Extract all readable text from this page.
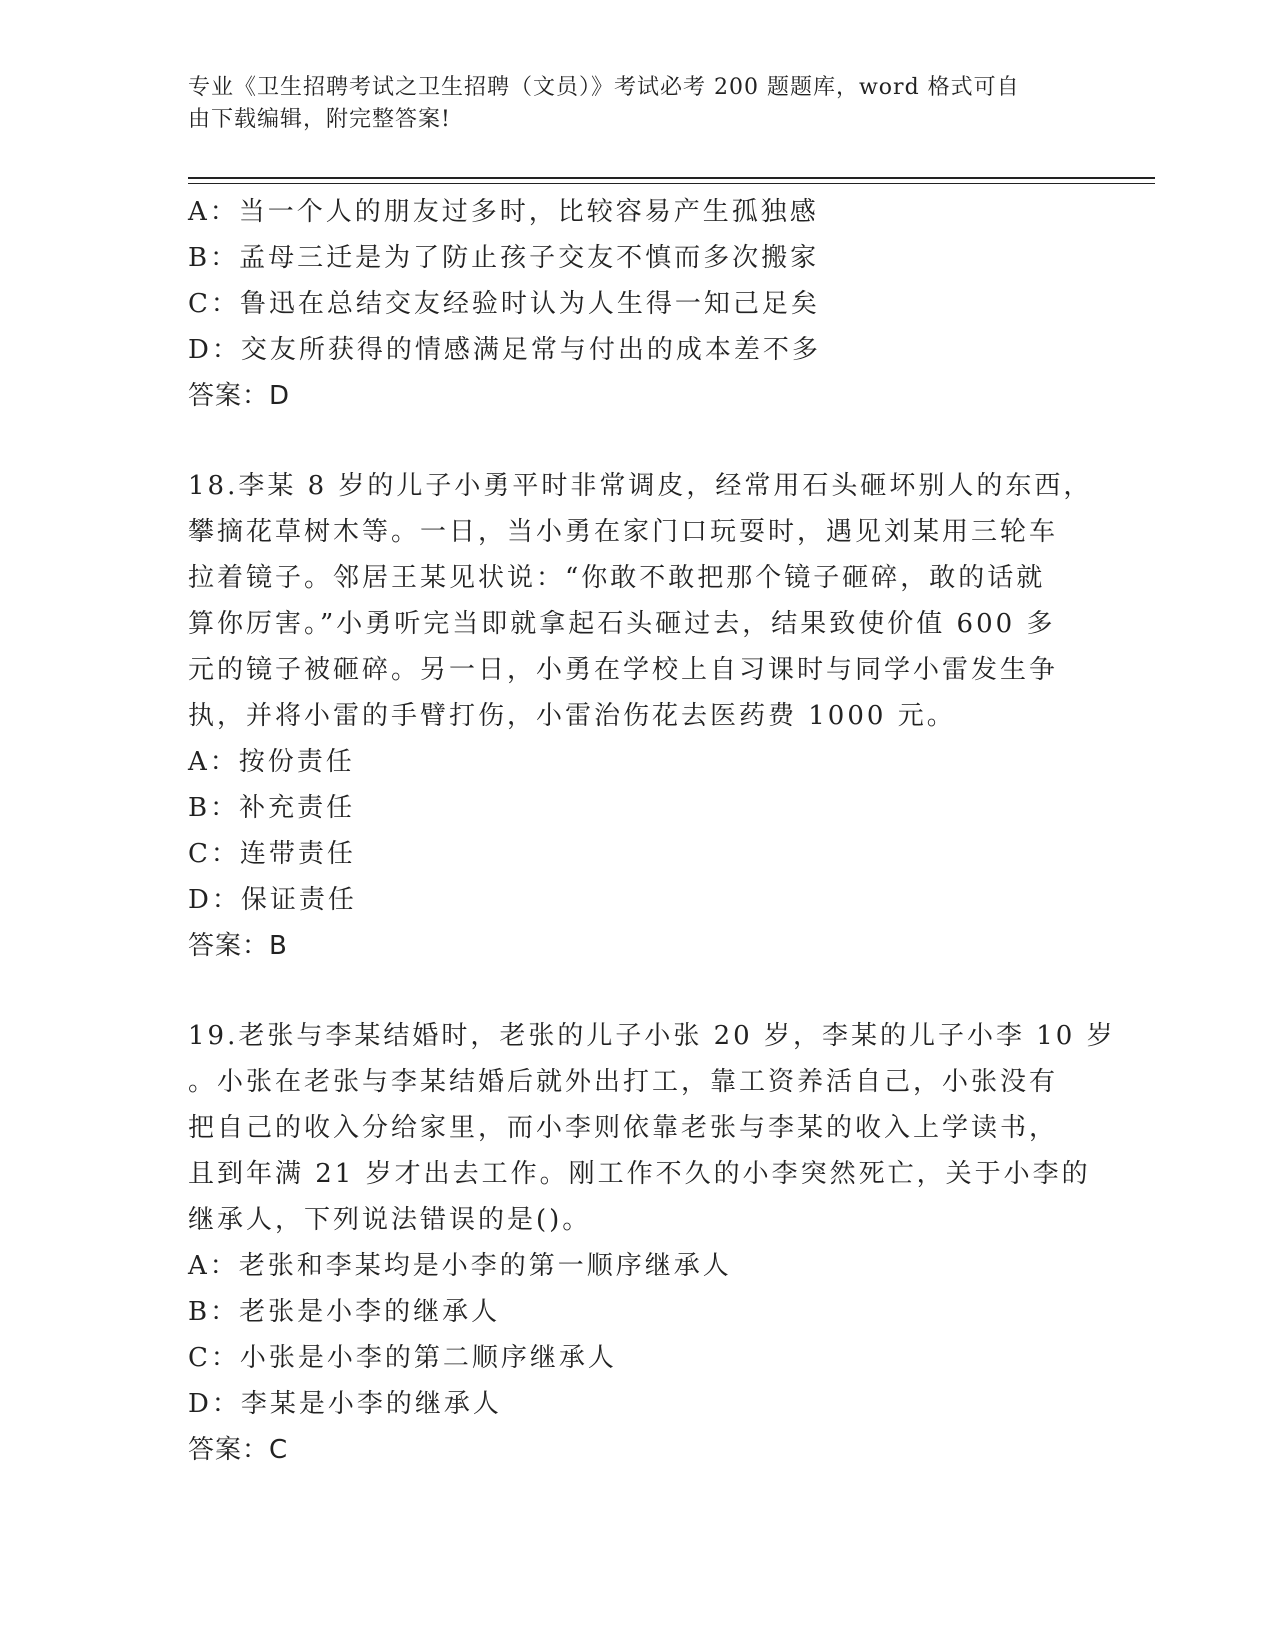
专业《卫生招聘考试之卫生招聘（文员）》考试必考 200 题题库，word 格式可自
由下载编辑，附完整答案!
A：当一个人的朋友过多时，比较容易产生孤独感
B：孟母三迁是为了防止孩子交友不慎而多次搬家
C：鲁迅在总结交友经验时认为人生得一知己足矣
D：交友所获得的情感满足常与付出的成本差不多
答案：D
18.李某 8 岁的儿子小勇平时非常调皮，经常用石头砸坏别人的东西，
攀摘花草树木等。一日，当小勇在家门口玩耍时，遇见刘某用三轮车
拉着镜子。邻居王某见状说：“你敢不敢把那个镜子砸碎，敢的话就
算你厉害。”小勇听完当即就拿起石头砸过去，结果致使价值 600 多
元的镜子被砸碎。另一日，小勇在学校上自习课时与同学小雷发生争
执，并将小雷的手臂打伤，小雷治伤花去医药费 1000 元。
A：按份责任
B：补充责任
C：连带责任
D：保证责任
答案：B
19.老张与李某结婚时，老张的儿子小张 20 岁，李某的儿子小李 10 岁
。小张在老张与李某结婚后就外出打工，靠工资养活自己，小张没有
把自己的收入分给家里，而小李则依靠老张与李某的收入上学读书，
且到年满 21 岁才出去工作。刚工作不久的小李突然死亡，关于小李的
继承人，下列说法错误的是()。
A：老张和李某均是小李的第一顺序继承人
B：老张是小李的继承人
C：小张是小李的第二顺序继承人
D：李某是小李的继承人
答案：C
